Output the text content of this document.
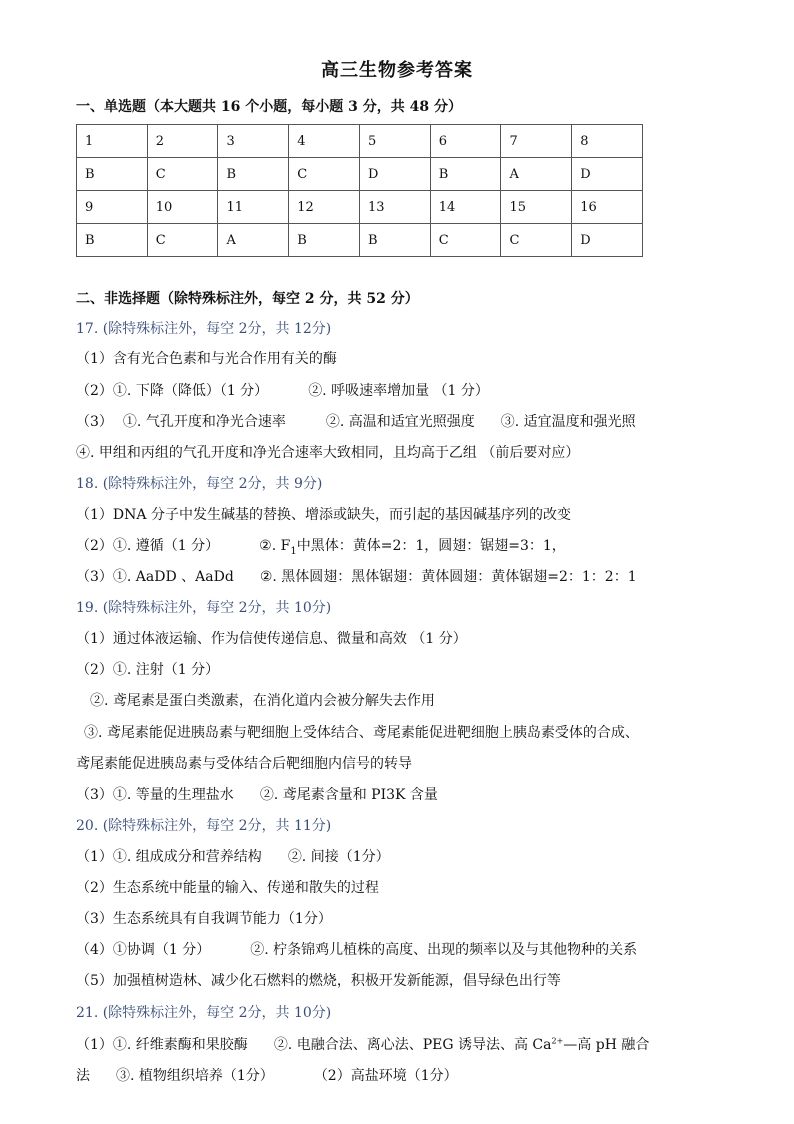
高三生物参考答案
一、单选题（本大题共 16 个小题，每小题 3 分，共 48 分）
1	2	3	4	5	6	7	8
B	C	B	C	D	B	A	D
9	10	11	12	13	14	15	16
B	C	A	B	B	C	C	D
二、非选择题（除特殊标注外，每空 2 分，共 52 分）
17. (除特殊标注外，每空 2分，共 12分)
（1）含有光合色素和与光合作用有关的酶
（2）①. 下降（降低）（1 分）	②. 呼吸速率增加量 （1 分）
（3） ①. 气孔开度和净光合速率	②. 高温和适宜光照强度 ③. 适宜温度和强光照
④. 甲组和丙组的气孔开度和净光合速率大致相同，且均高于乙组 （前后要对应）
18. (除特殊标注外，每空 2分，共 9分)
（1）DNA 分子中发生碱基的替换、增添或缺失，而引起的基因碱基序列的改变
（2）①. 遵循（1 分）	②. $F_1$中黑体：黄体=2：1，圆翅：锯翅=3：1，
（3）①. AaDD 、AaDd ②. 黑体圆翅：黑体锯翅：黄体圆翅：黄体锯翅=2：1：2：1
19. (除特殊标注外，每空 2分，共 10分)
（1）通过体液运输、作为信使传递信息、微量和高效 （1 分）
（2）①. 注射（1 分）
②. 鸢尾素是蛋白类激素，在消化道内会被分解失去作用
③. 鸢尾素能促进胰岛素与靶细胞上受体结合、鸢尾素能促进靶细胞上胰岛素受体的合成、
鸢尾素能促进胰岛素与受体结合后靶细胞内信号的转导
（3）①. 等量的生理盐水 ②. 鸢尾素含量和 PI3K 含量
20. (除特殊标注外，每空 2分，共 11分)
（1）①. 组成成分和营养结构 ②. 间接（1分）
（2）生态系统中能量的输入、传递和散失的过程
（3）生态系统具有自我调节能力（1分）
（4）①协调（1 分）	②. 柠条锦鸡儿植株的高度、出现的频率以及与其他物种的关系
（5）加强植树造林、减少化石燃料的燃烧，积极开发新能源，倡导绿色出行等
21. (除特殊标注外，每空 2分，共 10分)
（1）①. 纤维素酶和果胶酶 ②. 电融合法、离心法、PEG 诱导法、高 $Ca^{2+}—$高 pH 融合
法 ③. 植物组织培养（1分）	（2）高盐环境（1分）
